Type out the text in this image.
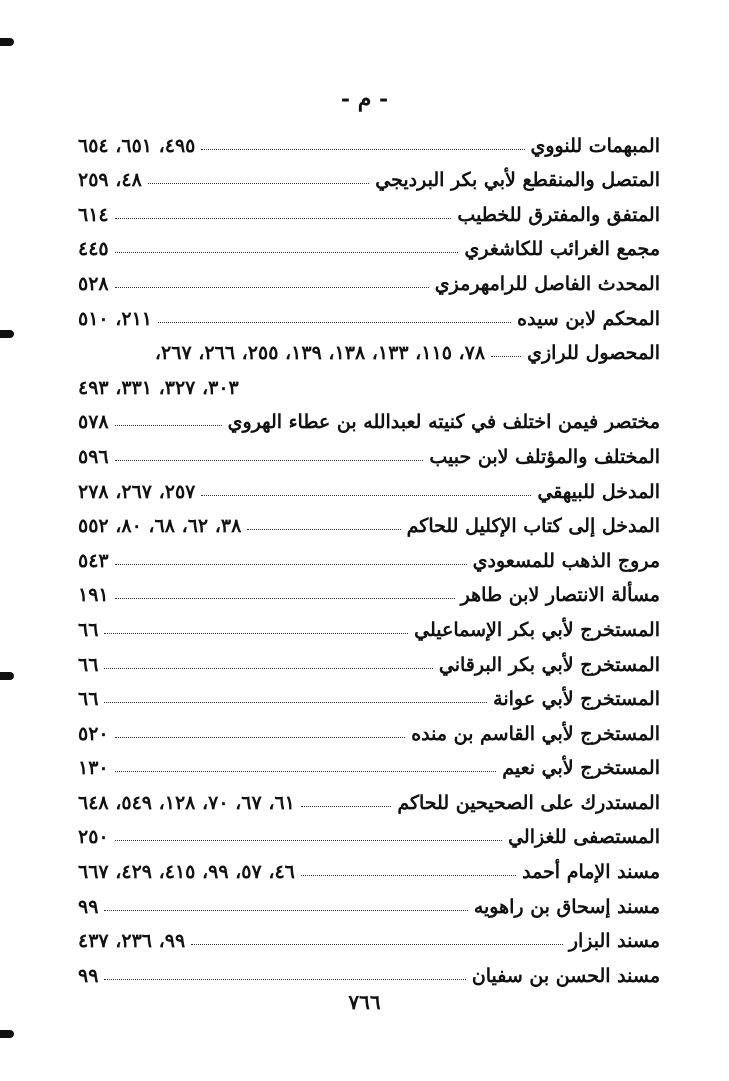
- م -
المبهمات للنووي
٤٩٥، ٦٥١، ٦٥٤
المتصل والمنقطع لأبي بكر البرديجي
٤٨، ٢٥٩
المتفق والمفترق للخطيب
٦١٤
مجمع الغرائب للكاشغري
٤٤٥
المحدث الفاصل للرامهرمزي
٥٢٨
المحكم لابن سيده
٢١١، ٥١٠
المحصول للرازي
٧٨، ١١٥، ١٣٣، ١٣٨، ١٣٩، ٢٥٥، ٢٦٦، ٢٦٧،
٣٠٣، ٣٢٧، ٣٣١، ٤٩٣
مختصر فيمن اختلف في كنيته لعبدالله بن عطاء الهروي
٥٧٨
المختلف والمؤتلف لابن حبيب
٥٩٦
المدخل للبيهقي
٢٥٧، ٢٦٧، ٢٧٨
المدخل إلى كتاب الإكليل للحاكم
٣٨، ٦٢، ٦٨، ٨٠، ٥٥٢
مروج الذهب للمسعودي
٥٤٣
مسألة الانتصار لابن طاهر
١٩١
المستخرج لأبي بكر الإسماعيلي
٦٦
المستخرج لأبي بكر البرقاني
٦٦
المستخرج لأبي عوانة
٦٦
المستخرج لأبي القاسم بن منده
٥٢٠
المستخرج لأبي نعيم
١٣٠
المستدرك على الصحيحين للحاكم
٦١، ٦٧، ٧٠، ١٢٨، ٥٤٩، ٦٤٨
المستصفى للغزالي
٢٥٠
مسند الإمام أحمد
٤٦، ٥٧، ٩٩، ٤١٥، ٤٢٩، ٦٦٧
مسند إسحاق بن راهويه
٩٩
مسند البزار
٩٩، ٢٣٦، ٤٣٧
مسند الحسن بن سفيان
٩٩
٧٦٦
